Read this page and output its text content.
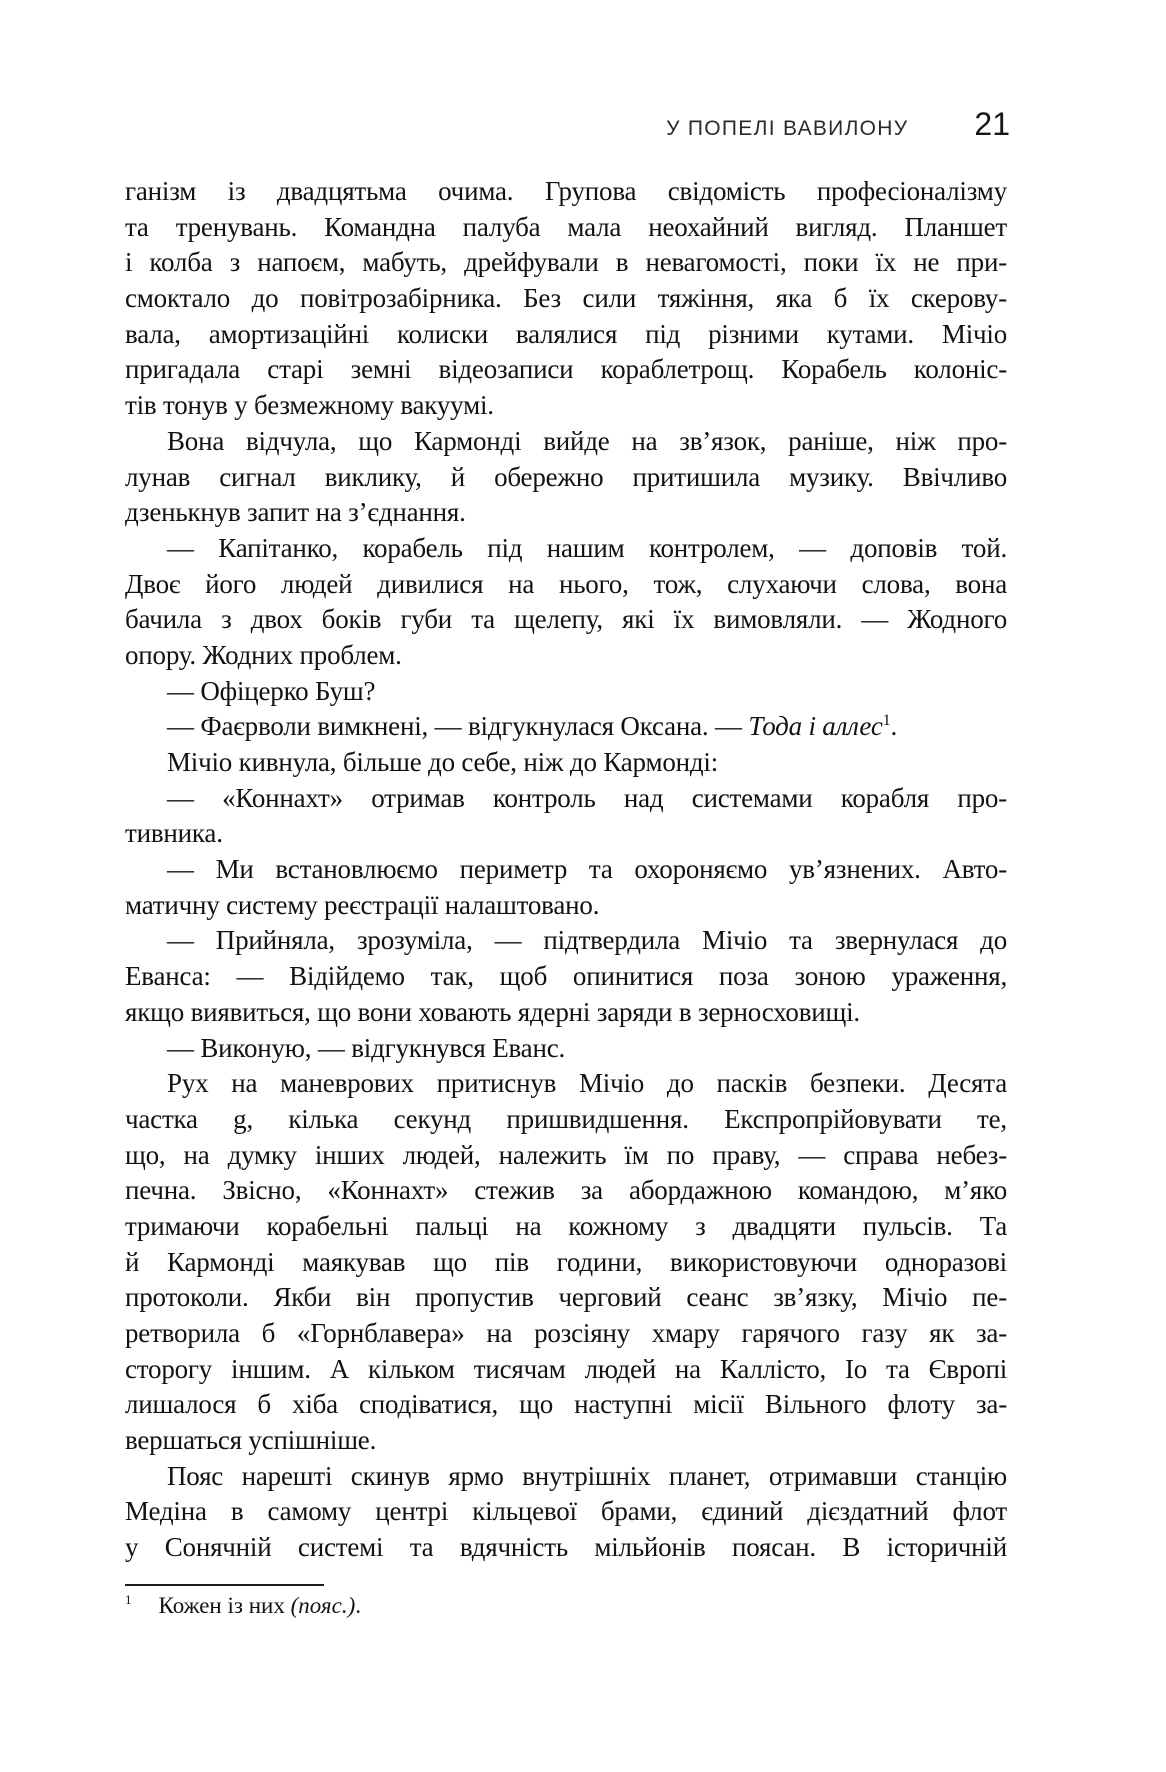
У ПОПЕЛІ ВАВИЛОНУ 21
ганізм із двадцятьма очима. Групова свідомість професіоналізму
та тренувань. Командна палуба мала неохайний вигляд. Планшет
і колба з напоєм, мабуть, дрейфували в невагомості, поки їх не при-
смоктало до повітрозабірника. Без сили тяжіння, яка б їх скерову-
вала, амортизаційні колиски валялися під різними кутами. Мічіо
пригадала старі земні відеозаписи кораблетрощ. Корабель колоніс-
тів тонув у безмежному вакуумі.
Вона відчула, що Кармонді вийде на зв’язок, раніше, ніж про-
лунав сигнал виклику, й обережно притишила музику. Ввічливо
дзенькнув запит на з’єднання.
— Капітанко, корабель під нашим контролем, — доповів той.
Двоє його людей дивилися на нього, тож, слухаючи слова, вона
бачила з двох боків губи та щелепу, які їх вимовляли. — Жодного
опору. Жодних проблем.
— Офіцерко Буш?
— Фаєрволи вимкнені, — відгукнулася Оксана. — Тода і аллес$^1$.
Мічіо кивнула, більше до себе, ніж до Кармонді:
— «Коннахт» отримав контроль над системами корабля про-
тивника.
— Ми встановлюємо периметр та охороняємо ув’язнених. Авто-
матичну систему реєстрації налаштовано.
— Прийняла, зрозуміла, — підтвердила Мічіо та звернулася до
Еванса: — Відійдемо так, щоб опинитися поза зоною ураження,
якщо виявиться, що вони ховають ядерні заряди в зерносховищі.
— Виконую, — відгукнувся Еванс.
Рух на маневрових притиснув Мічіо до пасків безпеки. Десята
частка g, кілька секунд пришвидшення. Експропрійовувати те,
що, на думку інших людей, належить їм по праву, — справа небез-
печна. Звісно, «Коннахт» стежив за абордажною командою, м’яко
тримаючи корабельні пальці на кожному з двадцяти пульсів. Та
й Кармонді маякував що пів години, використовуючи одноразові
протоколи. Якби він пропустив черговий сеанс зв’язку, Мічіо пе-
ретворила б «Горнблавера» на розсіяну хмару гарячого газу як за-
сторогу іншим. А кільком тисячам людей на Каллісто, Іо та Європі
лишалося б хіба сподіватися, що наступні місії Вільного флоту за-
вершаться успішніше.
Пояс нарешті скинув ярмо внутрішніх планет, отримавши станцію
Медіна в самому центрі кільцевої брами, єдиний дієздатний флот
у Сонячній системі та вдячність мільйонів поясан. В історичній
$^1$ Кожен із них (пояс.).
